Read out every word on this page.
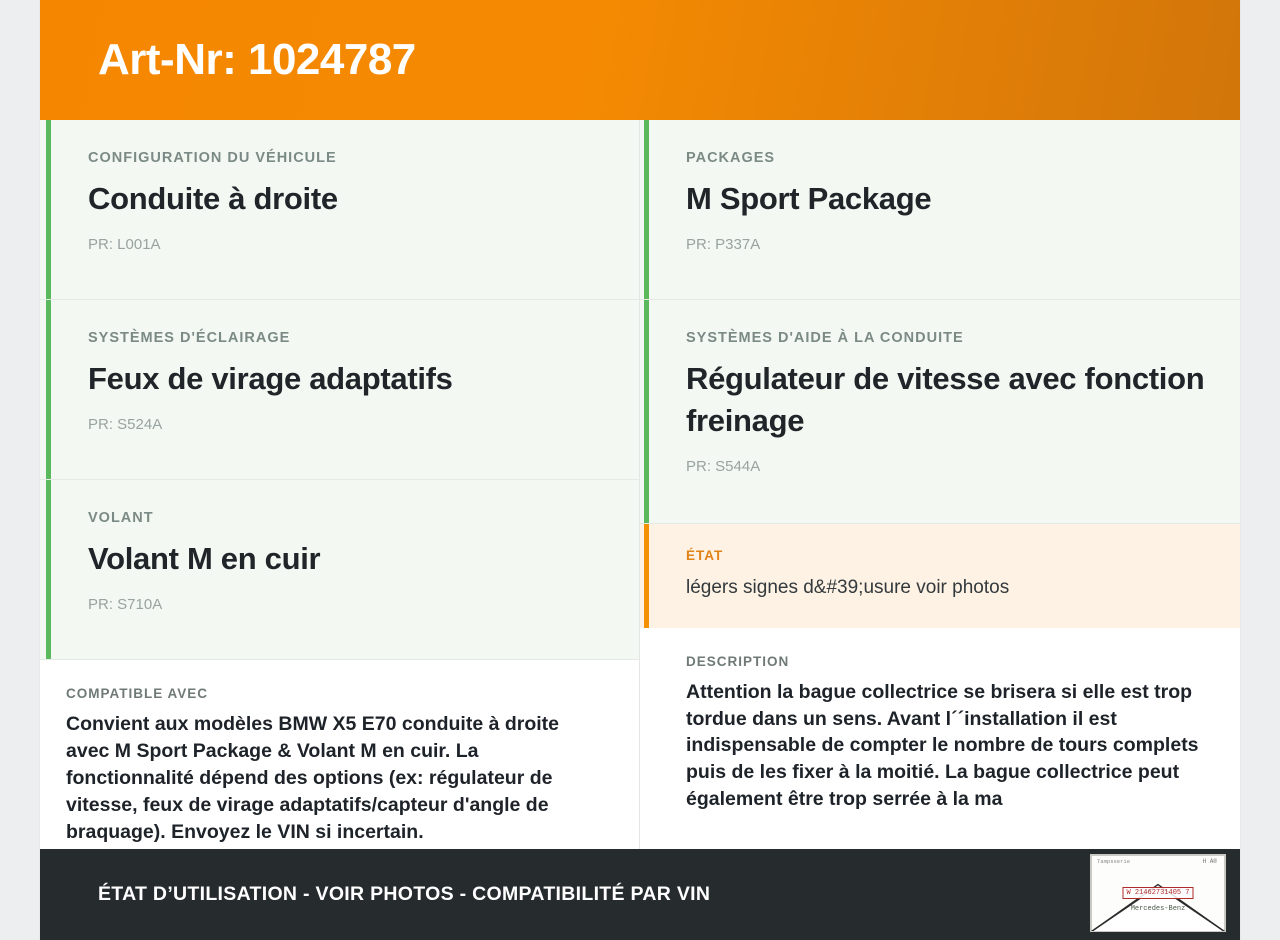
Art-Nr: 1024787

CONFIGURATION DU VÉHICULE

Conduite à droite

PR: L001A

SYSTÈMES D'ÉCLAIRAGE

Feux de virage adaptatifs

PR: S524A

VOLANT

Volant M en cuir

PR: S710A

COMPATIBLE AVEC

Convient aux modèles BMW X5 E70 conduite à droite avec M Sport Package & Volant M en cuir. La fonctionnalité dépend des options (ex: régulateur de vitesse, feux de virage adaptatifs/capteur d'angle de braquage). Envoyez le VIN si incertain.

PACKAGES

M Sport Package

PR: P337A

SYSTÈMES D'AIDE À LA CONDUITE

Régulateur de vitesse avec fonction freinage

PR: S544A

ÉTAT

légers signes d&#39;usure voir photos

DESCRIPTION

Attention la bague collectrice se brisera si elle est trop tordue dans un sens. Avant l´´installation il est indispensable de compter le nombre de tours complets puis de les fixer à la moitié. La bague collectrice peut également être trop serrée à la ma

ÉTAT D’UTILISATION - VOIR PHOTOS - COMPATIBILITÉ PAR VIN
Tampsserie	H A®
W 21462731405 7
Mercedes-Benz
